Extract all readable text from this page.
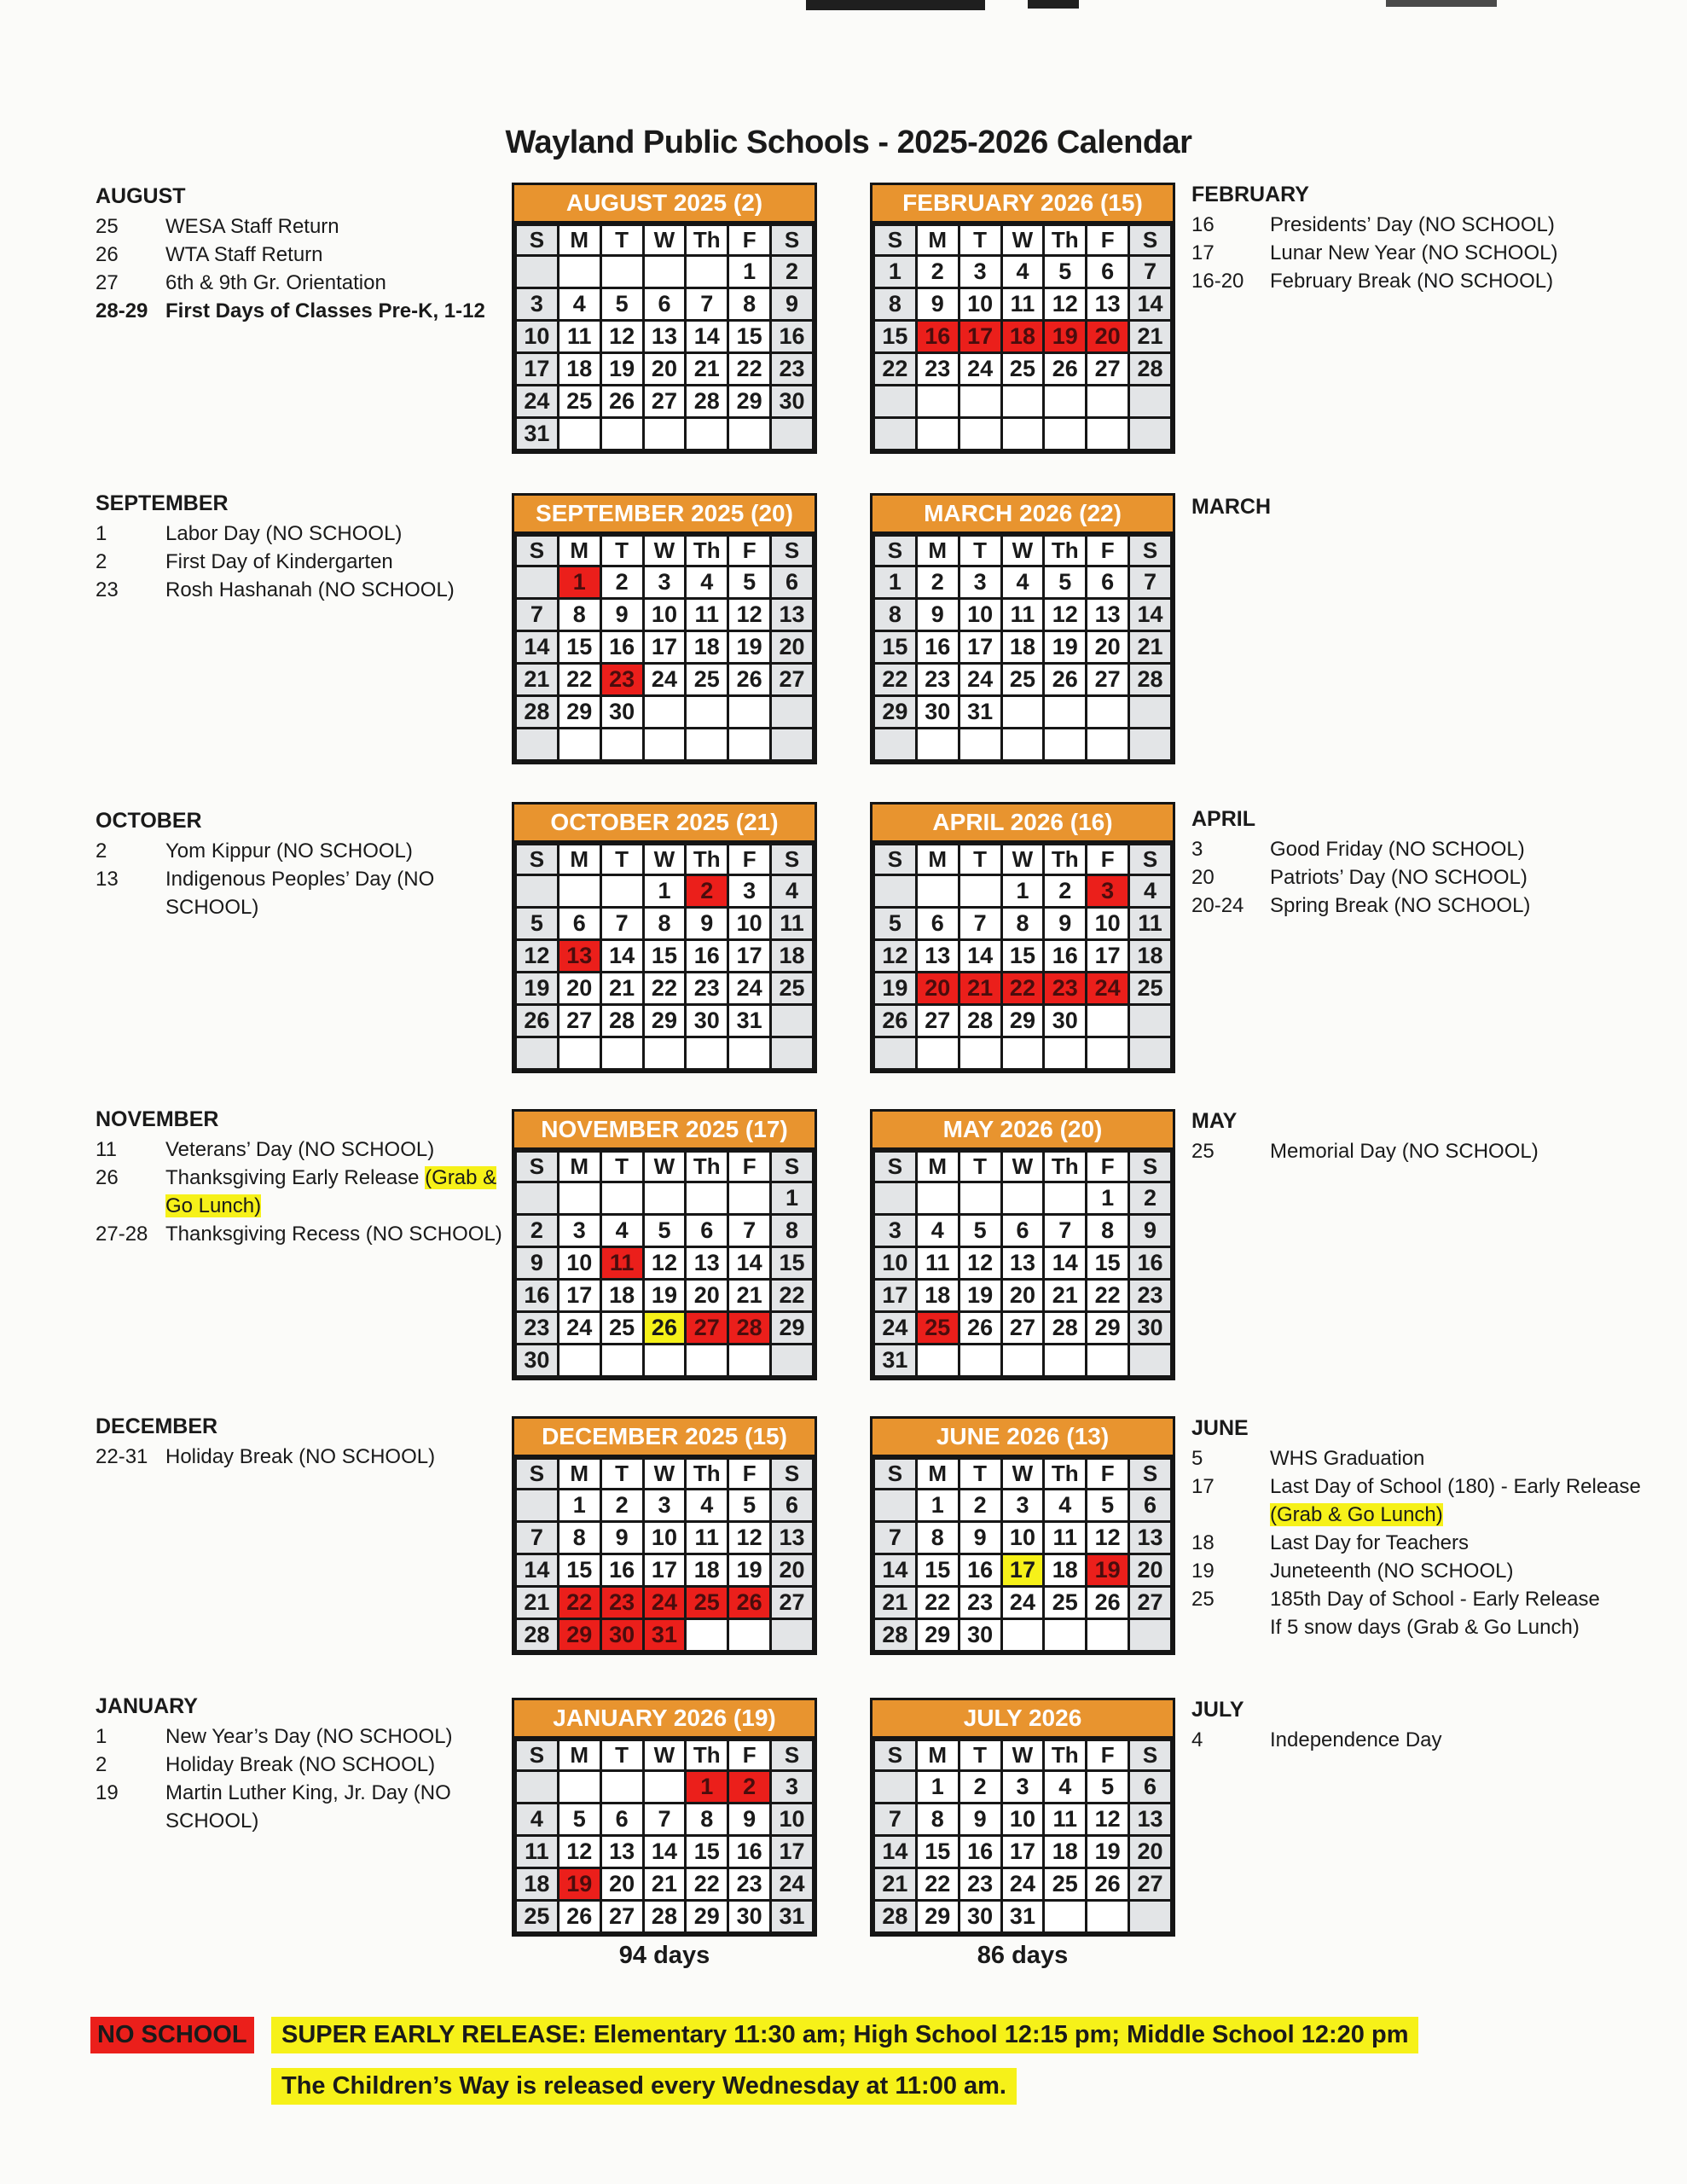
Wayland Public Schools - 2025-2026 Calendar
AUGUST
25	WESA Staff Return
26	WTA Staff Return
27	6th & 9th Gr. Orientation
28-29 First Days of Classes Pre-K, 1-12
SEPTEMBER
1	Labor Day (NO SCHOOL)
2	First Day of Kindergarten
23	Rosh Hashanah (NO SCHOOL)
OCTOBER
2	Yom Kippur (NO SCHOOL)
13	Indigenous Peoples’ Day (NO SCHOOL)
NOVEMBER
11	Veterans’ Day (NO SCHOOL)
26	Thanksgiving Early Release (Grab & Go Lunch)
27-28 Thanksgiving Recess (NO SCHOOL)
DECEMBER
22-31 Holiday Break (NO SCHOOL)
JANUARY
1	New Year’s Day (NO SCHOOL)
2	Holiday Break (NO SCHOOL)
19	Martin Luther King, Jr. Day (NO SCHOOL)
AUGUST 2025 (2)
S	M	T	W	Th	F	S
					1	2
3	4	5	6	7	8	9
10	11	12	13	14	15	16
17	18	19	20	21	22	23
24	25	26	27	28	29	30
31						
SEPTEMBER 2025 (20)
S	M	T	W	Th	F	S
	1	2	3	4	5	6
7	8	9	10	11	12	13
14	15	16	17	18	19	20
21	22	23	24	25	26	27
28	29	30				

OCTOBER 2025 (21)
S	M	T	W	Th	F	S
			1	2	3	4
5	6	7	8	9	10	11
12	13	14	15	16	17	18
19	20	21	22	23	24	25
26	27	28	29	30	31	

NOVEMBER 2025 (17)
S	M	T	W	Th	F	S
						1
2	3	4	5	6	7	8
9	10	11	12	13	14	15
16	17	18	19	20	21	22
23	24	25	26	27	28	29
30						
DECEMBER 2025 (15)
S	M	T	W	Th	F	S
	1	2	3	4	5	6
7	8	9	10	11	12	13
14	15	16	17	18	19	20
21	22	23	24	25	26	27
28	29	30	31			
JANUARY 2026 (19)
S	M	T	W	Th	F	S
				1	2	3
4	5	6	7	8	9	10
11	12	13	14	15	16	17
18	19	20	21	22	23	24
25	26	27	28	29	30	31
FEBRUARY 2026 (15)
S	M	T	W	Th	F	S
1	2	3	4	5	6	7
8	9	10	11	12	13	14
15	16	17	18	19	20	21
22	23	24	25	26	27	28

MARCH 2026 (22)
S	M	T	W	Th	F	S
1	2	3	4	5	6	7
8	9	10	11	12	13	14
15	16	17	18	19	20	21
22	23	24	25	26	27	28
29	30	31				

APRIL 2026 (16)
S	M	T	W	Th	F	S
			1	2	3	4
5	6	7	8	9	10	11
12	13	14	15	16	17	18
19	20	21	22	23	24	25
26	27	28	29	30		

MAY 2026 (20)
S	M	T	W	Th	F	S
					1	2
3	4	5	6	7	8	9
10	11	12	13	14	15	16
17	18	19	20	21	22	23
24	25	26	27	28	29	30
31						
JUNE 2026 (13)
S	M	T	W	Th	F	S
	1	2	3	4	5	6
7	8	9	10	11	12	13
14	15	16	17	18	19	20
21	22	23	24	25	26	27
28	29	30				
JULY 2026
S	M	T	W	Th	F	S
	1	2	3	4	5	6
7	8	9	10	11	12	13
14	15	16	17	18	19	20
21	22	23	24	25	26	27
28	29	30	31			
FEBRUARY
16	Presidents’ Day (NO SCHOOL)
17	Lunar New Year (NO SCHOOL)
16-20	February Break (NO SCHOOL)
MARCH
APRIL
3	Good Friday (NO SCHOOL)
20	Patriots’ Day (NO SCHOOL)
20-24	Spring Break (NO SCHOOL)
MAY
25	Memorial Day (NO SCHOOL)
JUNE
5	WHS Graduation
17	Last Day of School (180) - Early Release (Grab & Go Lunch)
18	Last Day for Teachers
19	Juneteenth (NO SCHOOL)
25	185th Day of School - Early Release
If 5 snow days (Grab & Go Lunch)
JULY
4	Independence Day
94 days	86 days
NO SCHOOL	SUPER EARLY RELEASE: Elementary 11:30 am; High School 12:15 pm; Middle School 12:20 pm
The Children’s Way is released every Wednesday at 11:00 am.
